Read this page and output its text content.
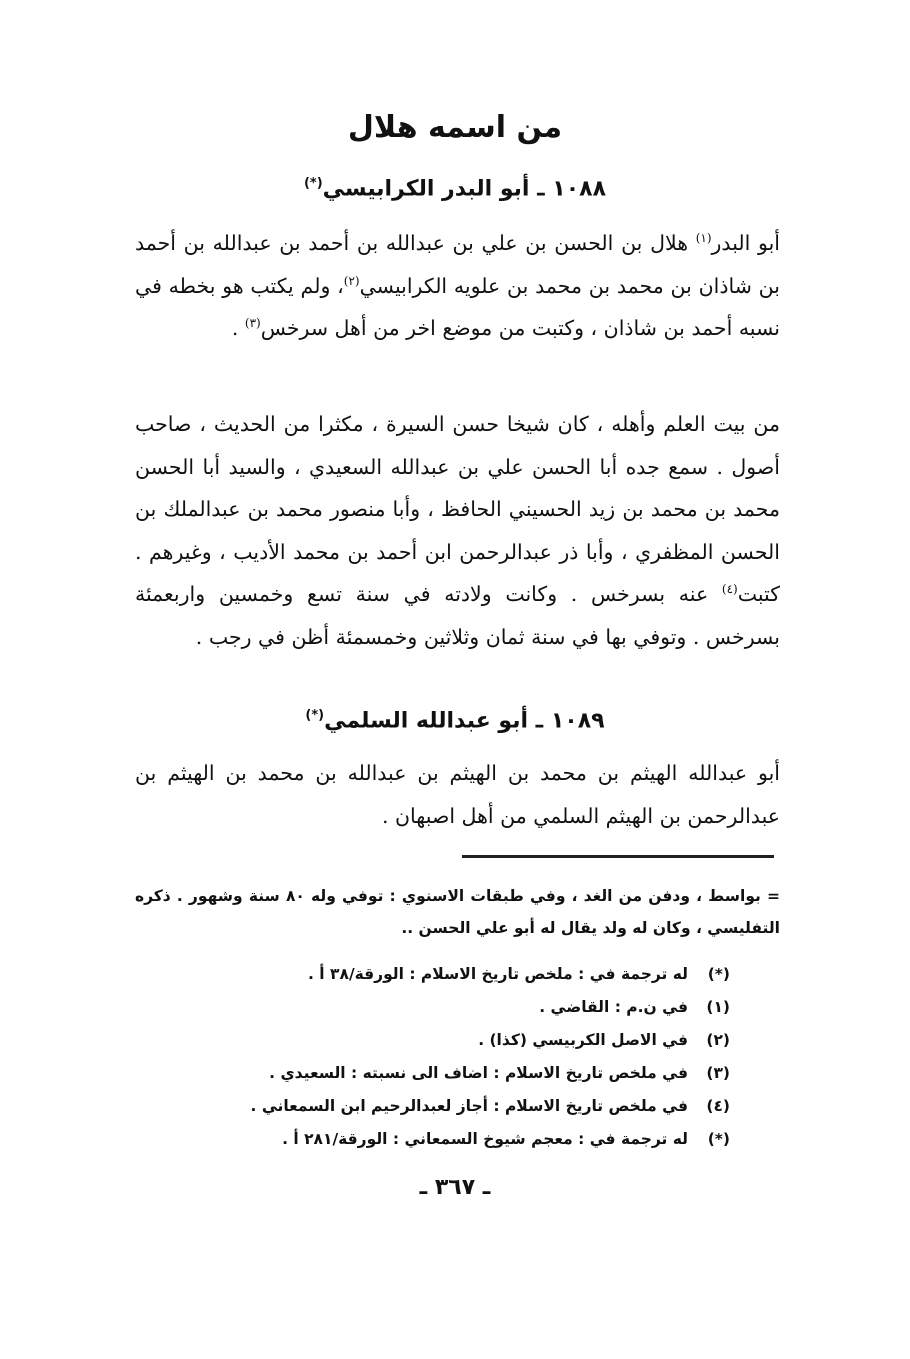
من اسمه هلال
١٠٨٨ ـ أبو البدر الكرابيسي(*)

أبو البدر$^{(١)}$ هلال بن الحسن بن علي بن عبدالله بن أحمد بن عبدالله بن أحمد بن شاذان بن محمد بن محمد بن علويه الكرابيسي$^{(٢)}$، ولم يكتب هو بخطه في نسبه أحمد بن شاذان ، وكتبت من موضع اخر من أهل سرخس$^{(٣)}$ .

من بيت العلم وأهله ، كان شيخا حسن السيرة ، مكثرا من الحديث ، صاحب أصول . سمع جده أبا الحسن علي بن عبدالله السعيدي ، والسيد أبا الحسن محمد بن محمد بن زيد الحسيني الحافظ ، وأبا منصور محمد بن عبدالملك بن الحسن المظفري ، وأبا ذر عبدالرحمن ابن أحمد بن محمد الأديب ، وغيرهم . كتبت$^{(٤)}$ عنه بسرخس . وكانت ولادته في سنة تسع وخمسين واربعمئة بسرخس . وتوفي بها في سنة ثمان وثلاثين وخمسمئة أظن في رجب .

١٠٨٩ ـ أبو عبدالله السلمي(*)

أبو عبدالله الهيثم بن محمد بن الهيثم بن عبدالله بن محمد بن الهيثم بن عبدالرحمن بن الهيثم السلمي من أهل اصبهان .

= بواسط ، ودفن من الغد ، وفي طبقات الاسنوي : توفي وله ٨٠ سنة وشهور . ذكره التفليسي ، وكان له ولد يقال له أبو علي الحسن ..

(*)
له ترجمة في : ملخص تاريخ الاسلام : الورقة/٣٨ أ .
(١)
في ن.م : القاضي .
(٢)
في الاصل الكربيسي (كذا) .
(٣)
في ملخص تاريخ الاسلام : اضاف الى نسبته : السعيدي .
(٤)
في ملخص تاريخ الاسلام : أجاز لعبدالرحيم ابن السمعاني .
(*)
له ترجمة في : معجم شيوخ السمعاني : الورقة/٢٨١ أ .
ـ ٣٦٧ ـ
